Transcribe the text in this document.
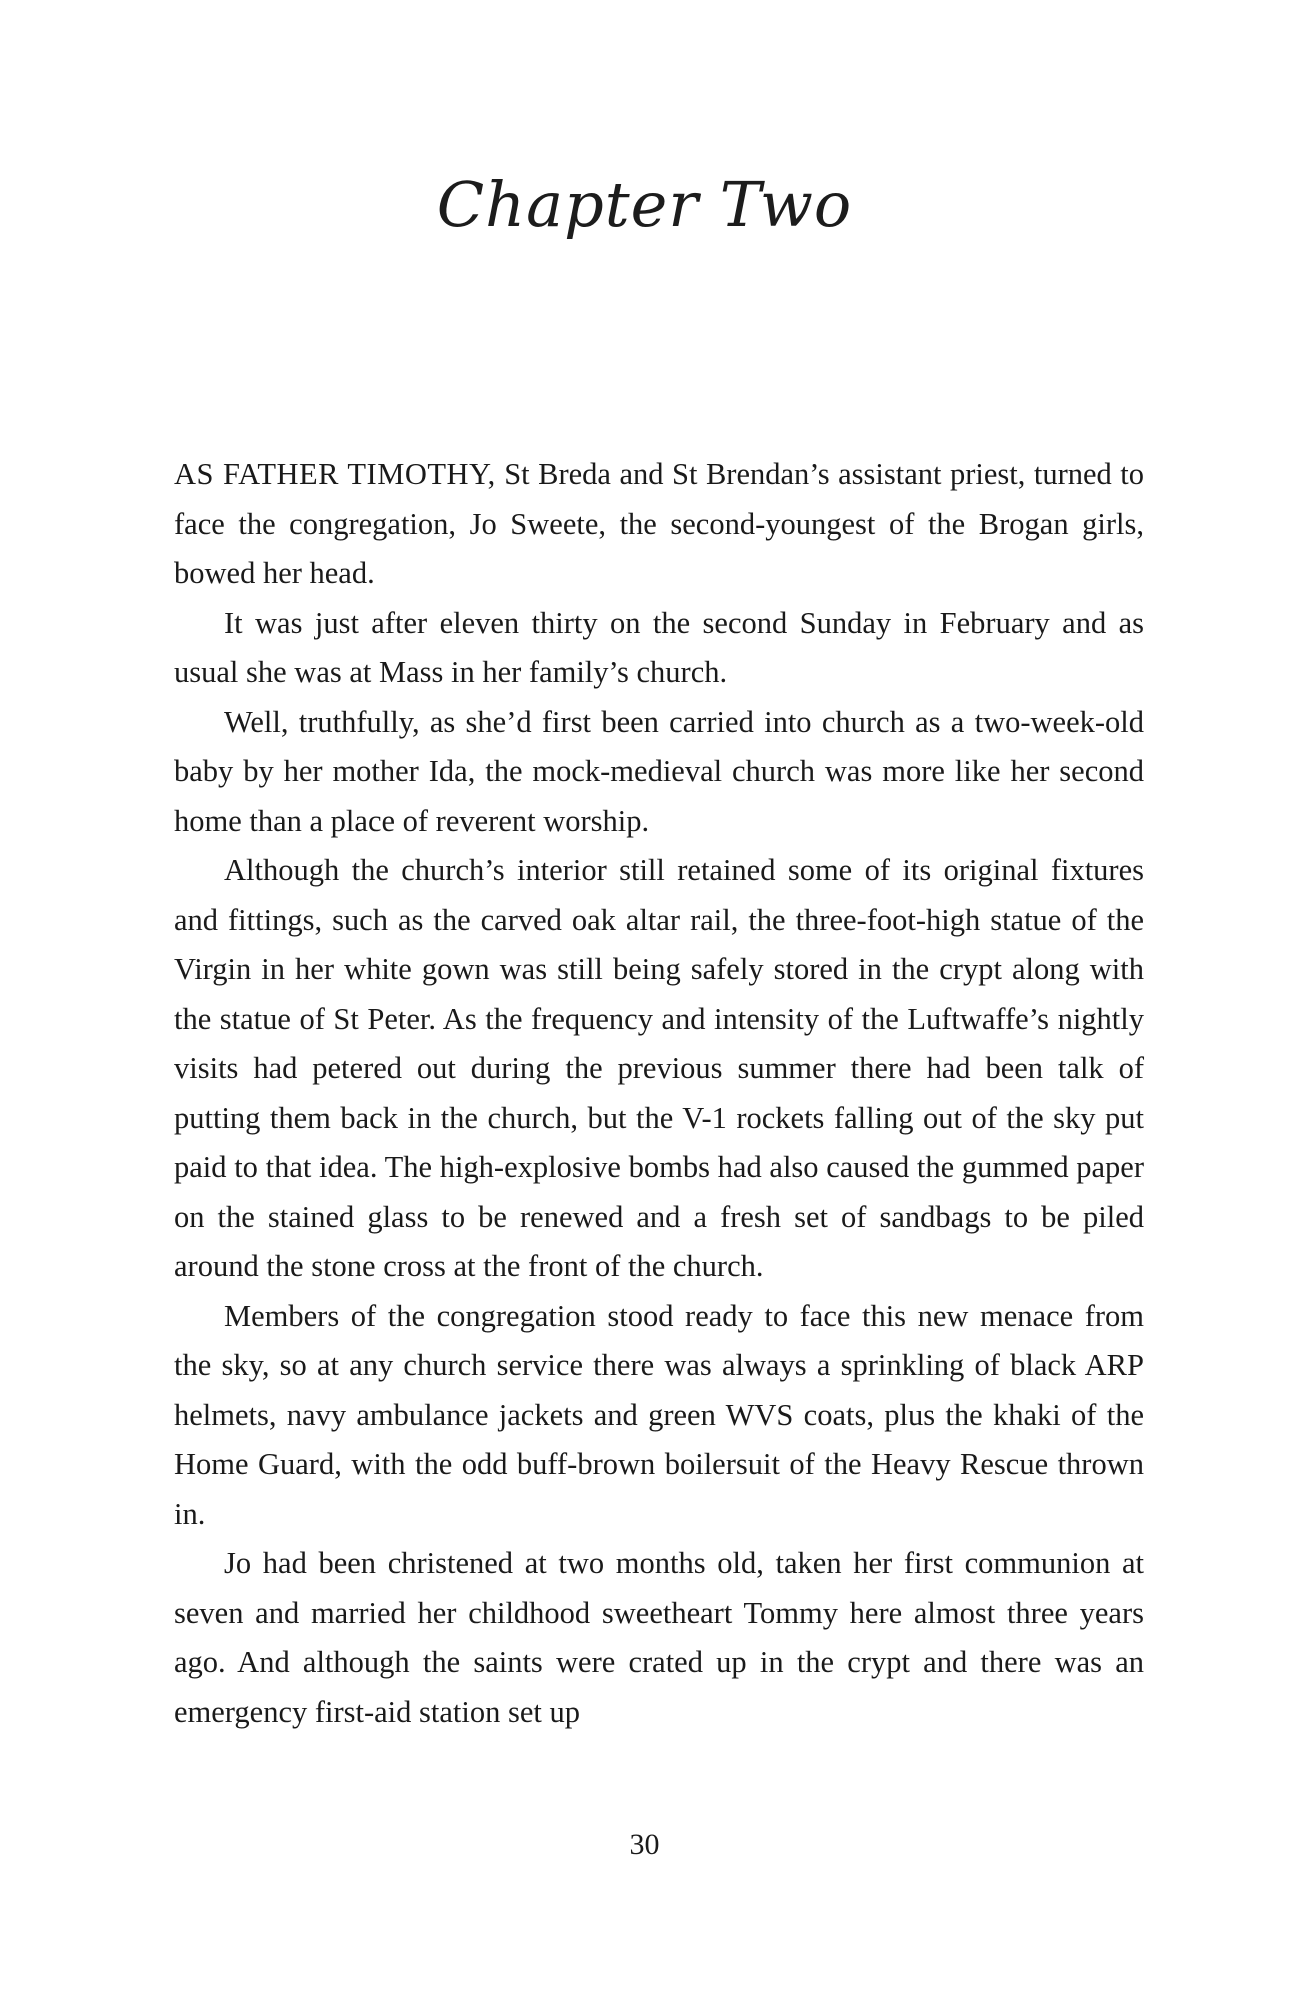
Chapter Two

AS FATHER TIMOTHY, St Breda and St Brendan’s assistant priest, turned to face the congregation, Jo Sweete, the second-youngest of the Brogan girls, bowed her head.

It was just after eleven thirty on the second Sunday in February and as usual she was at Mass in her family’s church.

Well, truthfully, as she’d first been carried into church as a two-week-old baby by her mother Ida, the mock-medieval church was more like her second home than a place of reverent worship.

Although the church’s interior still retained some of its original fixtures and fittings, such as the carved oak altar rail, the three-foot-high statue of the Virgin in her white gown was still being safely stored in the crypt along with the statue of St Peter. As the frequency and intensity of the Luftwaffe’s nightly visits had petered out during the previous summer there had been talk of putting them back in the church, but the V-1 rockets falling out of the sky put paid to that idea. The high-explosive bombs had also caused the gummed paper on the stained glass to be renewed and a fresh set of sandbags to be piled around the stone cross at the front of the church.

Members of the congregation stood ready to face this new menace from the sky, so at any church service there was always a sprinkling of black ARP helmets, navy ambulance jackets and green WVS coats, plus the khaki of the Home Guard, with the odd buff-brown boilersuit of the Heavy Rescue thrown in.

Jo had been christened at two months old, taken her first communion at seven and married her childhood sweetheart Tommy here almost three years ago. And although the saints were crated up in the crypt and there was an emergency first-aid station set up

30
